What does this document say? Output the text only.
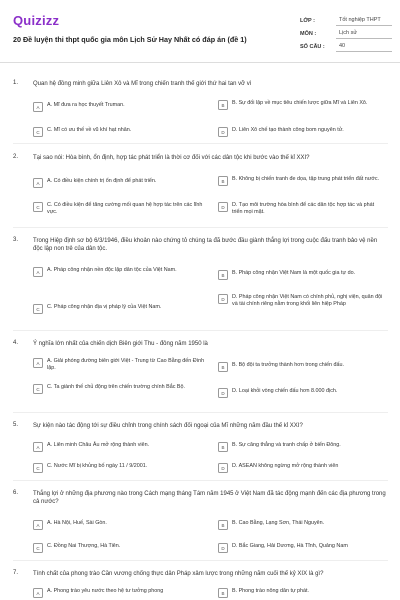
Quizizz
20 Đề luyện thi thpt quốc gia môn Lịch Sử Hay Nhất có đáp án (đề 1)
LỚP :	Tốt nghiệp THPT
MÔN :	Lịch sử
SỐ CÂU :	40
1. Quan hệ đồng minh giữa Liên Xô và Mĩ trong chiến tranh thế giới thứ hai tan vỡ vì
A	A. Mĩ đưa ra học thuyết Truman.	B	B. Sự đối lập về mục tiêu chiến lược giữa Mĩ và Liên Xô.
C	C. Mĩ có ưu thế về vũ khí hạt nhân.	D	D. Liên Xô chế tạo thành công bom nguyên tử.
2. Tại sao nói: Hòa bình, ổn định, hợp tác phát triển là thời cơ đối với các dân tộc khi bước vào thế kỉ XXI?
A	A. Có điều kiện chính trị ổn định để phát triển.	B	B. Không bị chiến tranh đe dọa, tập trung phát triển đất nước.
C	C. Có điều kiện để tăng cường mối quan hệ hợp tác trên các lĩnh vực.
D	D. Tạo môi trường hòa bình để các dân tộc hợp tác và phát triển mọi mặt.
3. Trong Hiệp định sơ bộ 6/3/1946, điều khoản nào chứng tỏ chúng ta đã bước đầu giành thắng lợi trong cuộc đấu tranh bảo vệ nền độc lập non trẻ của dân tộc.
A	A. Pháp công nhận nền độc lập dân tộc của Việt Nam.
B	B. Pháp công nhận Việt Nam là một quốc gia tự do.
C	C. Pháp công nhận địa vị pháp lý của Việt Nam.
D	D. Pháp công nhận Việt Nam có chính phủ, nghị viện, quân đội và tài chính riêng nằm trong khối liên hiệp Pháp
4. Ý nghĩa lớn nhất của chiến dịch Biên giới Thu - đông năm 1950 là
A	A. Giải phóng đường biên giới Việt - Trung từ Cao Bằng đến Đình lập.	B	B. Bộ đội ta trưởng thành hơn trong chiến đấu.
C	C. Ta giành thế chủ động trên chiến trường chính Bắc Bộ.
D	D. Loại khỏi vòng chiến đấu hơn 8.000 địch.
5. Sự kiện nào tác động tới sự điều chỉnh trong chính sách đối ngoại của Mĩ những năm đầu thế kỉ XXI?
A	A. Liên minh Châu Âu mở rộng thành viên.	B	B. Sự căng thẳng và tranh chấp ở biển Đông.
C	C. Nước Mĩ bị khủng bố ngày 11 / 9/2001.	D	D. ASEAN không ngừng mở rộng thành viên
6. Thắng lợi ở những địa phương nào trong Cách mạng tháng Tám năm 1945 ở Việt Nam đã tác động mạnh đến các địa phương trong cả nước?
A	A. Hà Nội, Huế, Sài Gòn.	B	B. Cao Bằng, Lạng Sơn, Thái Nguyên.
C	C. Đồng Nai Thượng, Hà Tiên.	D	D. Bắc Giang, Hải Dương, Hà Tĩnh, Quảng Nam
7. Tính chất của phong trào Cần vương chống thực dân Pháp xâm lược trong những năm cuối thế kỷ XIX là gì?
A	A. Phong trào yêu nước theo hệ tư tưởng phong	B	B. Phong trào nông dân tự phát.
